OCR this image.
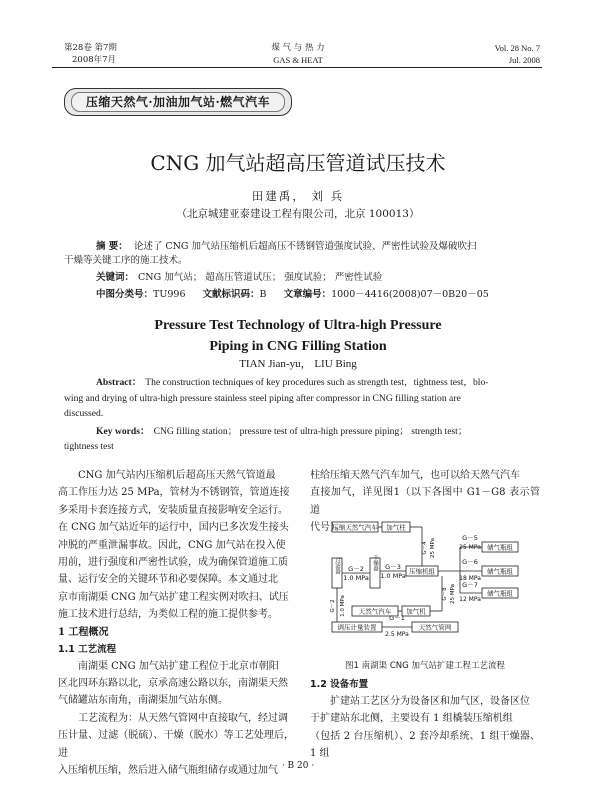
第28卷 第7期
2008年7月
煤 气 与 热 力
GAS & HEAT
Vol. 28 No. 7
Jul. 2008
压缩天然气·加油加气站·燃气汽车
CNG 加气站超高压管道试压技术
田建禹， 刘 兵
（北京城建亚泰建设工程有限公司，北京 100013）
摘 要： 论述了 CNG 加气站压缩机后超高压不锈钢管道强度试验、严密性试验及爆破吹扫
干燥等关键工序的施工技术。
关键词： CNG 加气站； 超高压管道试压； 强度试验； 严密性试验
中图分类号：TU996 文献标识码：B 文章编号：1000－4416(2008)07－0B20－05
Pressure Test Technology of Ultra-high Pressure
Piping in CNG Filling Station
TIAN Jian-yu， LIU Bing
Abstract： The construction techniques of key procedures such as strength test，tightness test，blo-
wing and drying of ultra-high pressure stainless steel piping after compressor in CNG filling station are
discussed.
Key words： CNG filling station； pressure test of ultra-high pressure piping； strength test；
tightness test
CNG 加气站内压缩机后超高压天然气管道最
高工作压力达 25 MPa，管材为不锈钢管，管道连接
多采用卡套连接方式，安装质量直接影响安全运行。
在 CNG 加气站近年的运行中，国内已多次发生接头
冲脱的严重泄漏事故。因此，CNG 加气站在投入使
用前，进行强度和严密性试验，成为确保管道施工质
量、运行安全的关键环节和必要保障。本文通过北
京市南湖渠 CNG 加气站扩建工程实例对吹扫、试压
施工技术进行总结，为类似工程的施工提供参考。
1 工程概况
1.1 工艺流程
南湖渠 CNG 加气站扩建工程位于北京市朝阳
区北四环东路以北，京承高速公路以东，南湖渠天然
气储罐站东南角，南湖渠加气站东侧。
工艺流程为：从天然气管网中直接取气，经过调
压计量、过滤（脱硫）、干燥（脱水）等工艺处理后，进
入压缩机压缩，然后进入储气瓶组储存或通过加气
柱给压缩天然气汽车加气，也可以给天然气汽车
直接加气，详见图1（以下各图中 G1－G8 表示管道
代号）。
压缩天然气汽车 加气柱
过滤器	干燥器
压缩机组
储气瓶组
储气瓶组
储气瓶组
天然气汽车 加气机
调压计量装置	天然气管网
G－2
1.0 MPa
G－3
1.0 MPa
G－5
25 MPa
G－6
18 MPa
G－7
12 MPa
G－1
2.5 MPa
G－4 25 MPa
G－8 25 MPa
G－2 1.0 MPa
图1 南湖渠 CNG 加气站扩建工程工艺流程
1.2 设备布置
扩建站工艺区分为设备区和加气区，设备区位
于扩建站东北侧，主要设有 1 组橇装压缩机组
（包括 2 台压缩机）、2 套冷却系统、1 组干燥器、1 组
· B 20 ·
